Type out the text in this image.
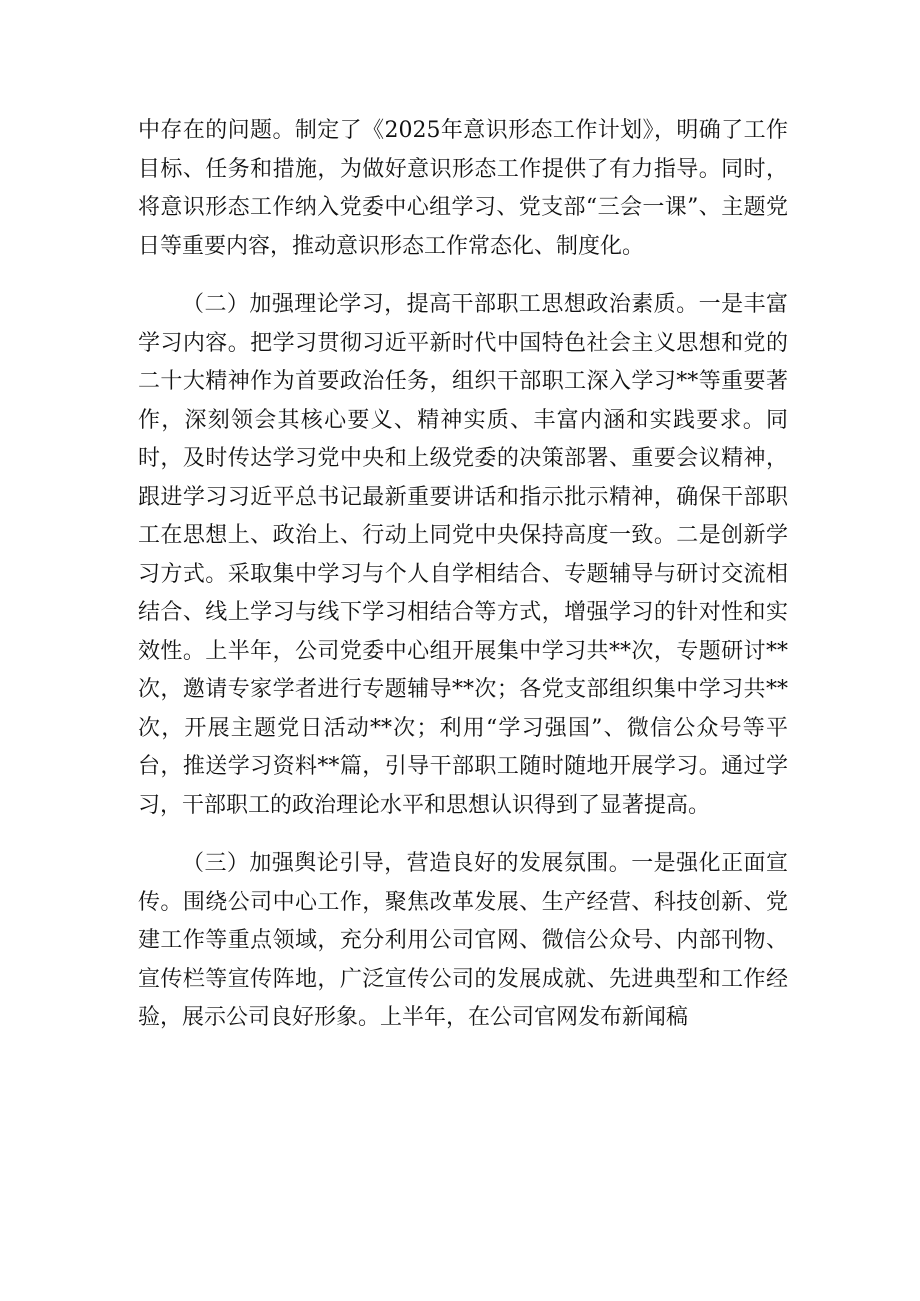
中存在的问题。制定了《2025年意识形态工作计划》，明确了工作目标、任务和措施，为做好意识形态工作提供了有力指导。同时，将意识形态工作纳入党委中心组学习、党支部“三会一课”、主题党日等重要内容，推动意识形态工作常态化、制度化。

（二）加强理论学习，提高干部职工思想政治素质。一是丰富学习内容。把学习贯彻习近平新时代中国特色社会主义思想和党的二十大精神作为首要政治任务，组织干部职工深入学习**等重要著作，深刻领会其核心要义、精神实质、丰富内涵和实践要求。同时，及时传达学习党中央和上级党委的决策部署、重要会议精神，跟进学习习近平总书记最新重要讲话和指示批示精神，确保干部职工在思想上、政治上、行动上同党中央保持高度一致。二是创新学习方式。采取集中学习与个人自学相结合、专题辅导与研讨交流相结合、线上学习与线下学习相结合等方式，增强学习的针对性和实效性。上半年，公司党委中心组开展集中学习共**次，专题研讨**次，邀请专家学者进行专题辅导**次；各党支部组织集中学习共**次，开展主题党日活动**次；利用“学习强国”、微信公众号等平台，推送学习资料**篇，引导干部职工随时随地开展学习。通过学习，干部职工的政治理论水平和思想认识得到了显著提高。

（三）加强舆论引导，营造良好的发展氛围。一是强化正面宣传。围绕公司中心工作，聚焦改革发展、生产经营、科技创新、党建工作等重点领域，充分利用公司官网、微信公众号、内部刊物、宣传栏等宣传阵地，广泛宣传公司的发展成就、先进典型和工作经验，展示公司良好形象。上半年，在公司官网发布新闻稿
